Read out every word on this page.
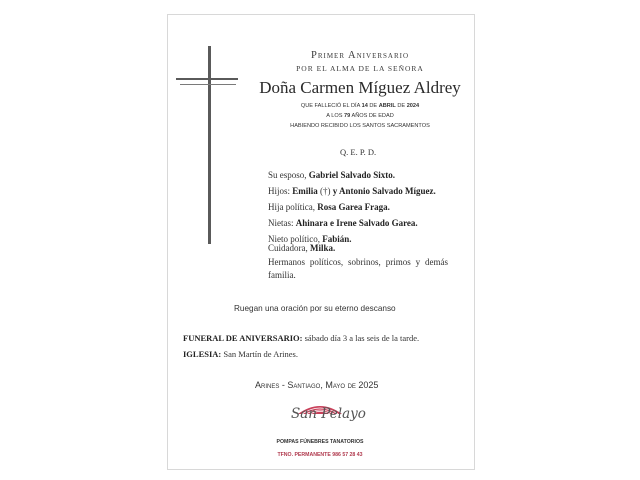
Primer Aniversario
POR EL ALMA DE LA SEÑORA
Doña Carmen Míguez Aldrey
QUE FALLECIÓ EL DÍA 14 DE ABRIL DE 2024
A LOS 79 AÑOS DE EDAD
HABIENDO RECIBIDO LOS SANTOS SACRAMENTOS
Q. E. P. D.
Su esposo, Gabriel Salvado Sixto.
Hijos: Emilia (†) y Antonio Salvado Míguez.
Hija política, Rosa Garea Fraga.
Nietas: Ahinara e Irene Salvado Garea.
Nieto político, Fabián.
Cuidadora, Milka.
Hermanos políticos, sobrinos, primos y demás familia.
Ruegan una oración por su eterno descanso
FUNERAL DE ANIVERSARIO: sábado día 3 a las seis de la tarde.
IGLESIA: San Martín de Arines.
Arines - Santiago, Mayo de 2025
San Pelayo
POMPAS FÚNEBRES TANATORIOS
TFNO. PERMANENTE 986 57 28 43
